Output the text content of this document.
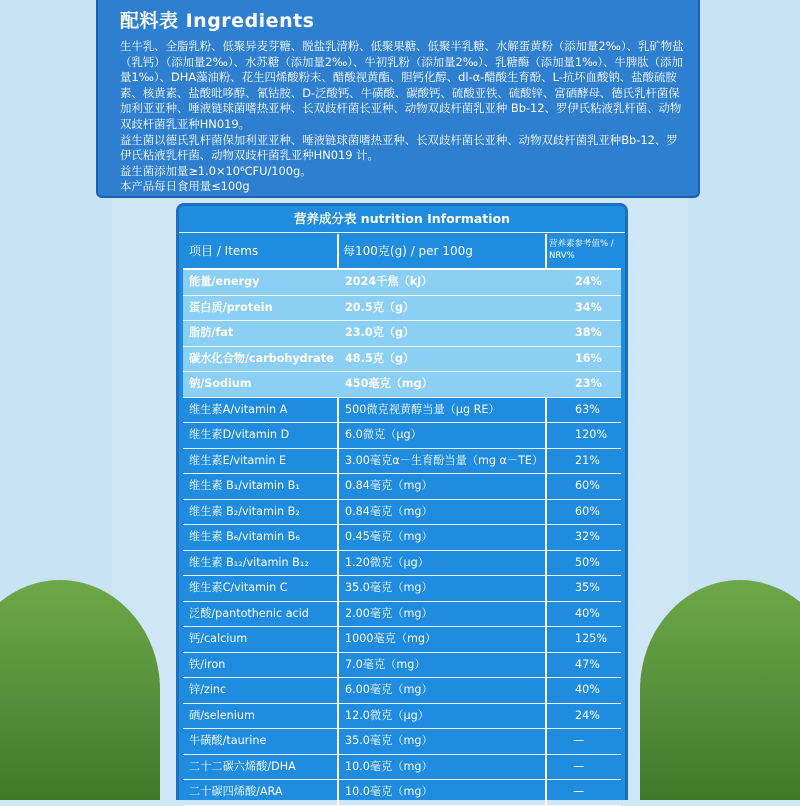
配料表 Ingredients

生牛乳、全脂乳粉、低聚异麦芽糖、脱盐乳清粉、低聚果糖、低聚半乳糖、水解蛋黄粉（添加量2‰）、乳矿物盐（乳钙）（添加量2‰）、水苏糖（添加量2‰）、牛初乳粉（添加量2‰）、乳糖酶（添加量1‰）、牛脾肽（添加量1‰）、DHA藻油粉、花生四烯酸粉末、醋酸视黄酯、胆钙化醇、dl-α-醋酸生育酚、L-抗坏血酸钠、盐酸硫胺素、核黄素、盐酸吡哆醇、氰钴胺、D-泛酸钙、牛磺酸、碳酸钙、硫酸亚铁、硫酸锌、富硒酵母、德氏乳杆菌保加利亚亚种、唾液链球菌嗜热亚种、长双歧杆菌长亚种、动物双歧杆菌乳亚种 Bb-12、罗伊氏粘液乳杆菌、动物双歧杆菌乳亚种HN019。

益生菌以德氏乳杆菌保加利亚亚种、唾液链球菌嗜热亚种、长双歧杆菌长亚种、动物双歧杆菌乳亚种Bb-12、罗伊氏粘液乳杆菌、动物双歧杆菌乳亚种HN019 计。

益生菌添加量≥1.0×10⁶CFU/100g。

本产品每日食用量≤100g

营养成分表 nutrition Information
项目 / Items	每100克(g) / per 100g	营养素参考值% / NRV%
能量/energy	2024千焦（kJ）	24%
蛋白质/protein	20.5克（g）	34%
脂肪/fat	23.0克（g）	38%
碳水化合物/carbohydrate 48.5克（g）	16%
钠/Sodium	450毫克（mg）	23%
维生素A/vitamin A	500微克视黄醇当量（μg RE）	63%
维生素D/vitamin D	6.0微克（μg）	120%
维生素E/vitamin E	3.00毫克α－生育酚当量（mg α－TE）	21%
维生素 B₁/vitamin B₁	0.84毫克（mg）	60%
维生素 B₂/vitamin B₂	0.84毫克（mg）	60%
维生素 B₆/vitamin B₆	0.45毫克（mg）	32%
维生素 B₁₂/vitamin B₁₂	1.20微克（μg）	50%
维生素C/vitamin C	35.0毫克（mg）	35%
泛酸/pantothenic acid	2.00毫克（mg）	40%
钙/calcium	1000毫克（mg）	125%
铁/iron	7.0毫克（mg）	47%
锌/zinc	6.00毫克（mg）	40%
硒/selenium	12.0微克（μg）	24%
牛磺酸/taurine	35.0毫克（mg）	—
二十二碳六烯酸/DHA	10.0毫克（mg）	—
二十碳四烯酸/ARA	10.0毫克（mg）	—
